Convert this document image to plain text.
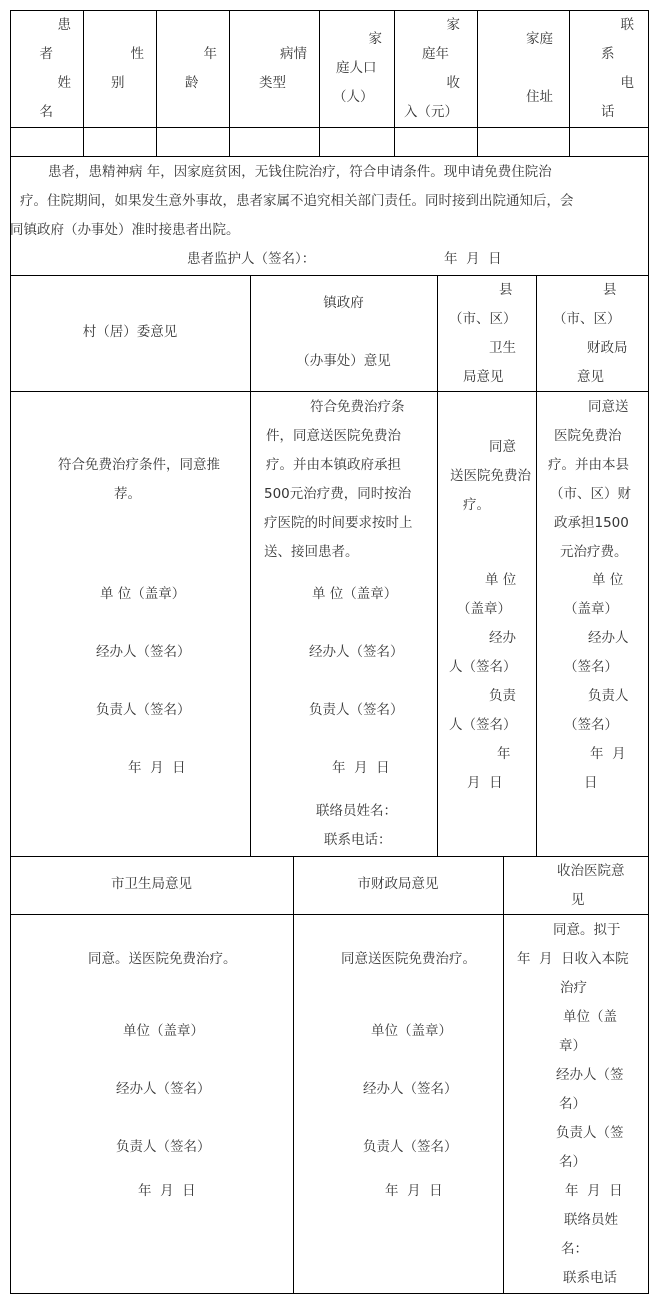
患
者
姓
名
性
别
年
龄
病情
类型
家
庭人口
（人）
家
庭年
收
入（元）
家庭
住址
联
系
电
话
患者，患精神病 年，因家庭贫困，无钱住院治疗，符合申请条件。现申请免费住院治
疗。住院期间，如果发生意外事故，患者家属不追究相关部门责任。同时接到出院通知后，会
同镇政府（办事处）准时接患者出院。
患者监护人（签名）：	年  月  日
村（居）委意见
镇政府
（办事处）意见
县
（市、区）
卫生
局意见
县
（市、区）
财政局
意见
符合免费治疗条件，同意推
荐。
单 位（盖章）
经办人（签名）
负责人（签名）
年  月  日
符合免费治疗条
件，同意送医院免费治
疗。并由本镇政府承担
500元治疗费，同时按治
疗医院的时间要求按时上
送、接回患者。
单 位（盖章）
经办人（签名）
负责人（签名）
年  月  日
联络员姓名：
联系电话：
同意
送医院免费治
疗。
单 位
（盖章）
经办
人（签名）
负责
人（签名）
年
月  日
同意送
医院免费治
疗。并由本县
（市、区）财
政承担1500
元治疗费。
单 位
（盖章）
经办人
（签名）
负责人
（签名）
年  月
日
市卫生局意见	市财政局意见
收治医院意
见
同意。送医院免费治疗。
单位（盖章）
经办人（签名）
负责人（签名）
年  月  日
同意送医院免费治疗。
单位（盖章）
经办人（签名）
负责人（签名）
年  月  日
同意。拟于
年  月  日收入本院
治疗
单位（盖
章）
经办人（签
名）
负责人（签
名）
年  月  日
联络员姓
名：
联系电话
